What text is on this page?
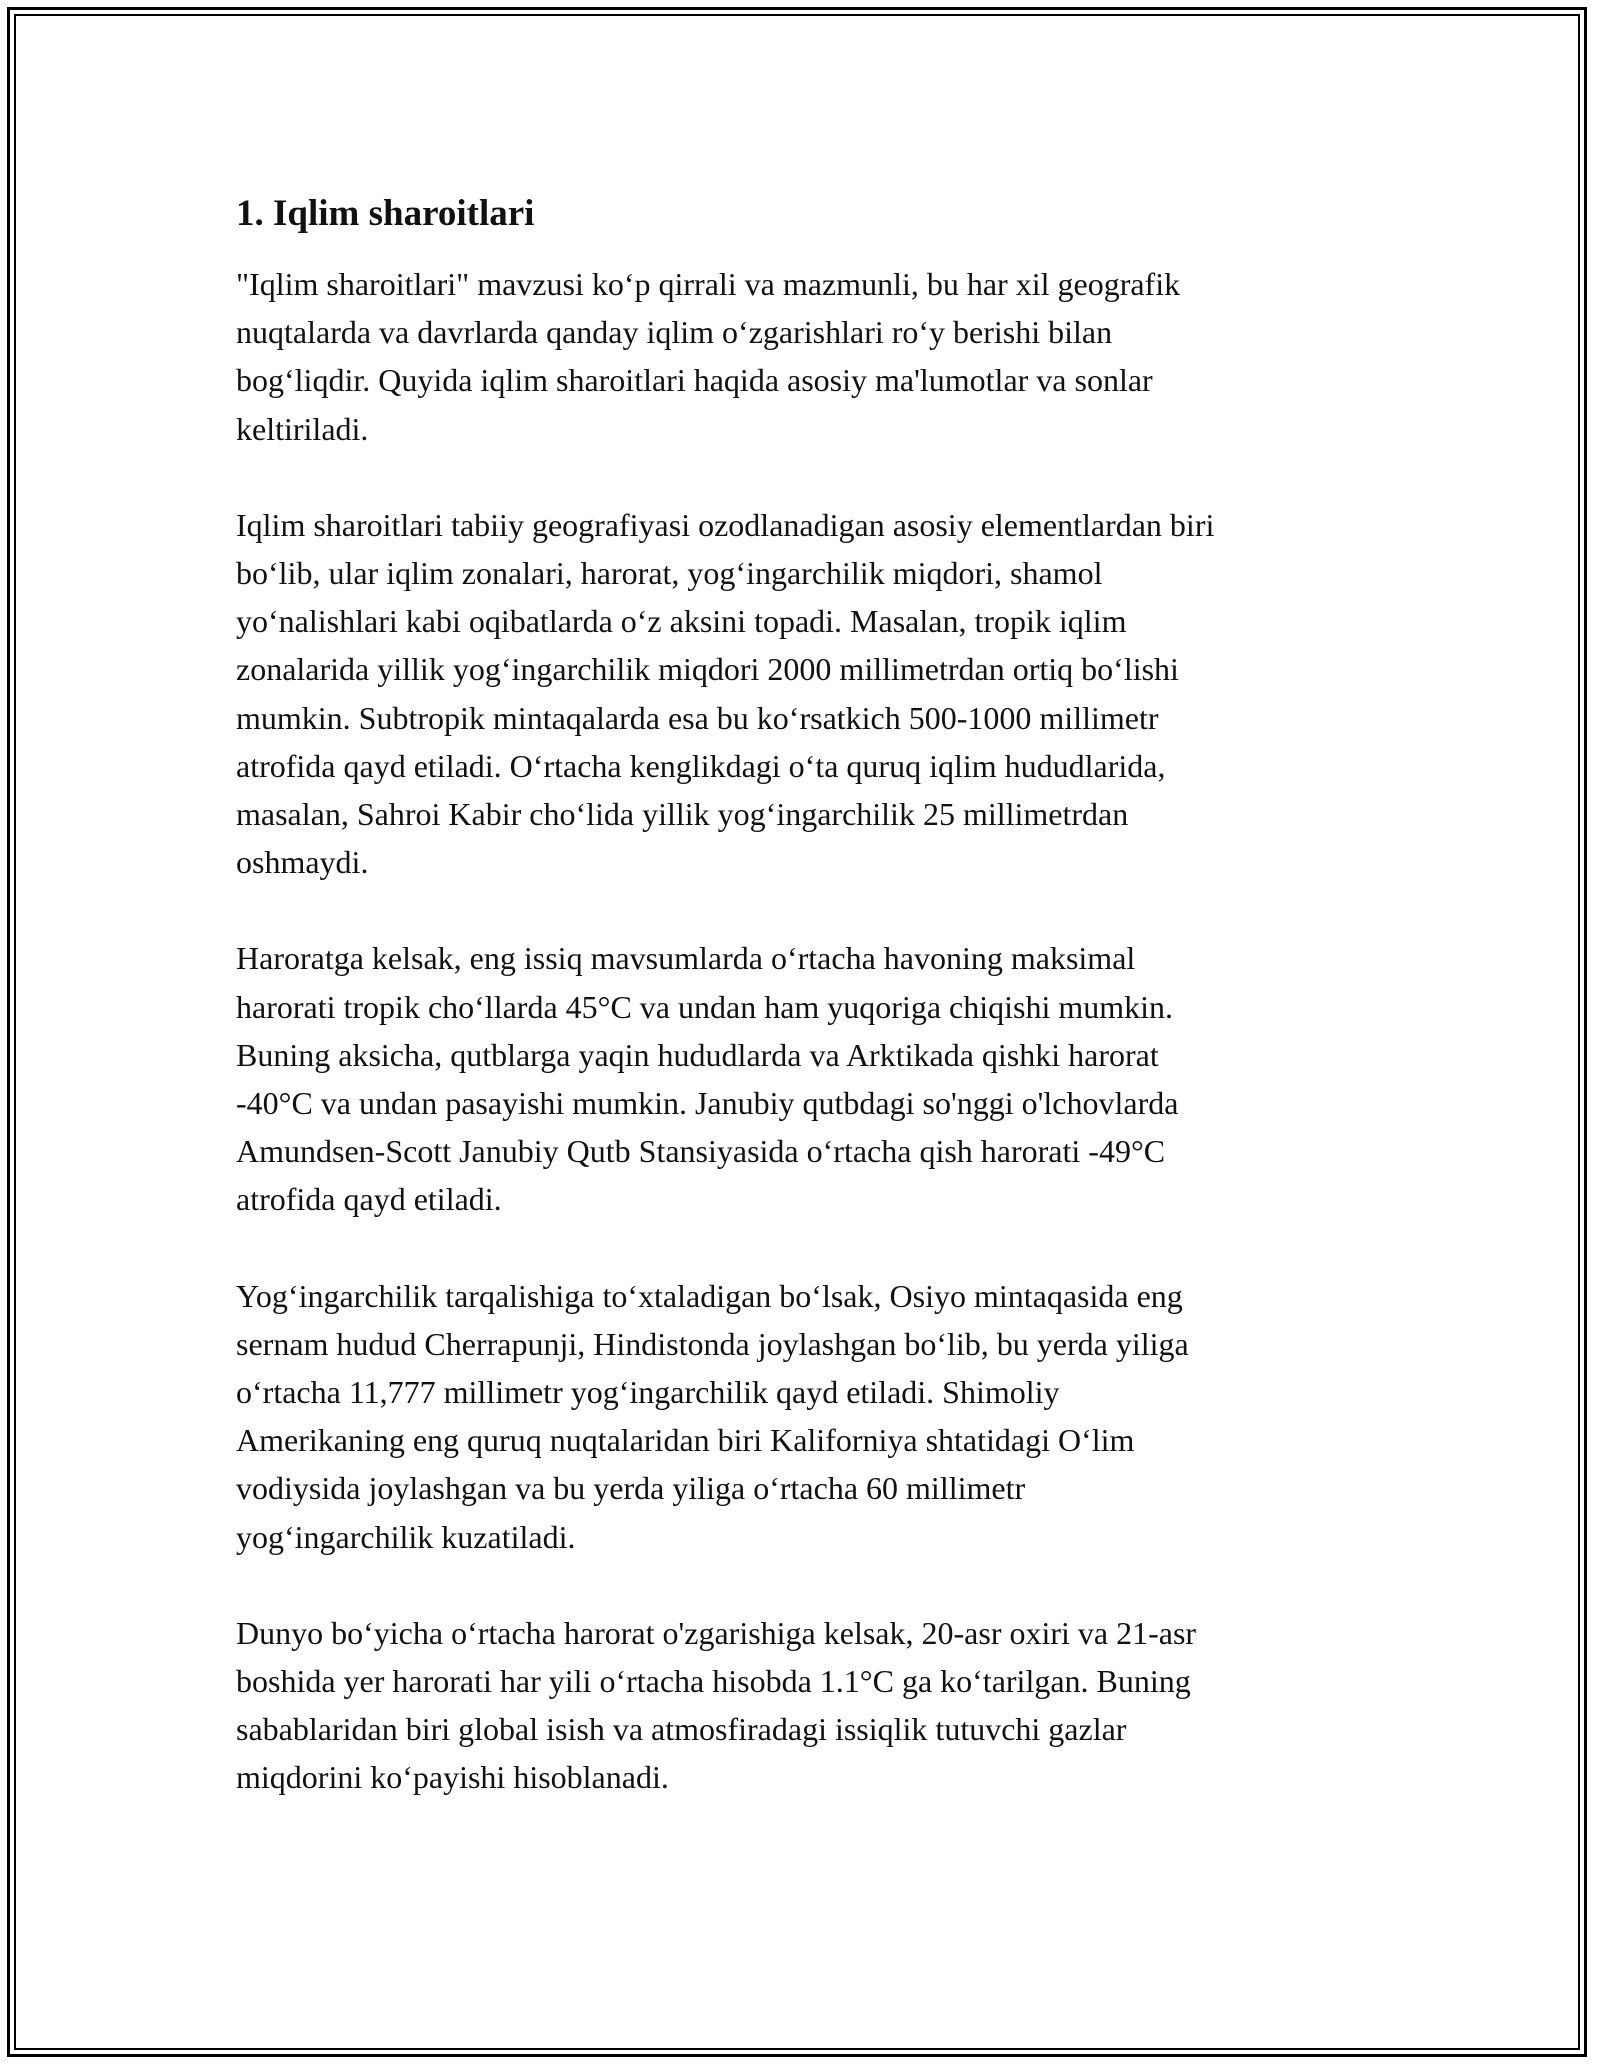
1. Iqlim sharoitlari

"Iqlim sharoitlari" mavzusi koʻp qirrali va mazmunli, bu har xil geografik
nuqtalarda va davrlarda qanday iqlim oʻzgarishlari roʻy berishi bilan
bogʻliqdir. Quyida iqlim sharoitlari haqida asosiy ma'lumotlar va sonlar
keltiriladi.

Iqlim sharoitlari tabiiy geografiyasi ozodlanadigan asosiy elementlardan biri
boʻlib, ular iqlim zonalari, harorat, yogʻingarchilik miqdori, shamol
yoʻnalishlari kabi oqibatlarda oʻz aksini topadi. Masalan, tropik iqlim
zonalarida yillik yogʻingarchilik miqdori 2000 millimetrdan ortiq boʻlishi
mumkin. Subtropik mintaqalarda esa bu koʻrsatkich 500-1000 millimetr
atrofida qayd etiladi. Oʻrtacha kenglikdagi oʻta quruq iqlim hududlarida,
masalan, Sahroi Kabir choʻlida yillik yogʻingarchilik 25 millimetrdan
oshmaydi.

Haroratga kelsak, eng issiq mavsumlarda oʻrtacha havoning maksimal
harorati tropik choʻllarda 45°C va undan ham yuqoriga chiqishi mumkin.
Buning aksicha, qutblarga yaqin hududlarda va Arktikada qishki harorat
-40°C va undan pasayishi mumkin. Janubiy qutbdagi so'nggi o'lchovlarda
Amundsen-Scott Janubiy Qutb Stansiyasida oʻrtacha qish harorati -49°C
atrofida qayd etiladi.

Yogʻingarchilik tarqalishiga toʻxtaladigan boʻlsak, Osiyo mintaqasida eng
sernam hudud Cherrapunji, Hindistonda joylashgan boʻlib, bu yerda yiliga
oʻrtacha 11,777 millimetr yogʻingarchilik qayd etiladi. Shimoliy
Amerikaning eng quruq nuqtalaridan biri Kaliforniya shtatidagi Oʻlim
vodiysida joylashgan va bu yerda yiliga oʻrtacha 60 millimetr
yogʻingarchilik kuzatiladi.

Dunyo boʻyicha oʻrtacha harorat o'zgarishiga kelsak, 20-asr oxiri va 21-asr
boshida yer harorati har yili oʻrtacha hisobda 1.1°C ga koʻtarilgan. Buning
sabablaridan biri global isish va atmosfiradagi issiqlik tutuvchi gazlar
miqdorini koʻpayishi hisoblanadi.
